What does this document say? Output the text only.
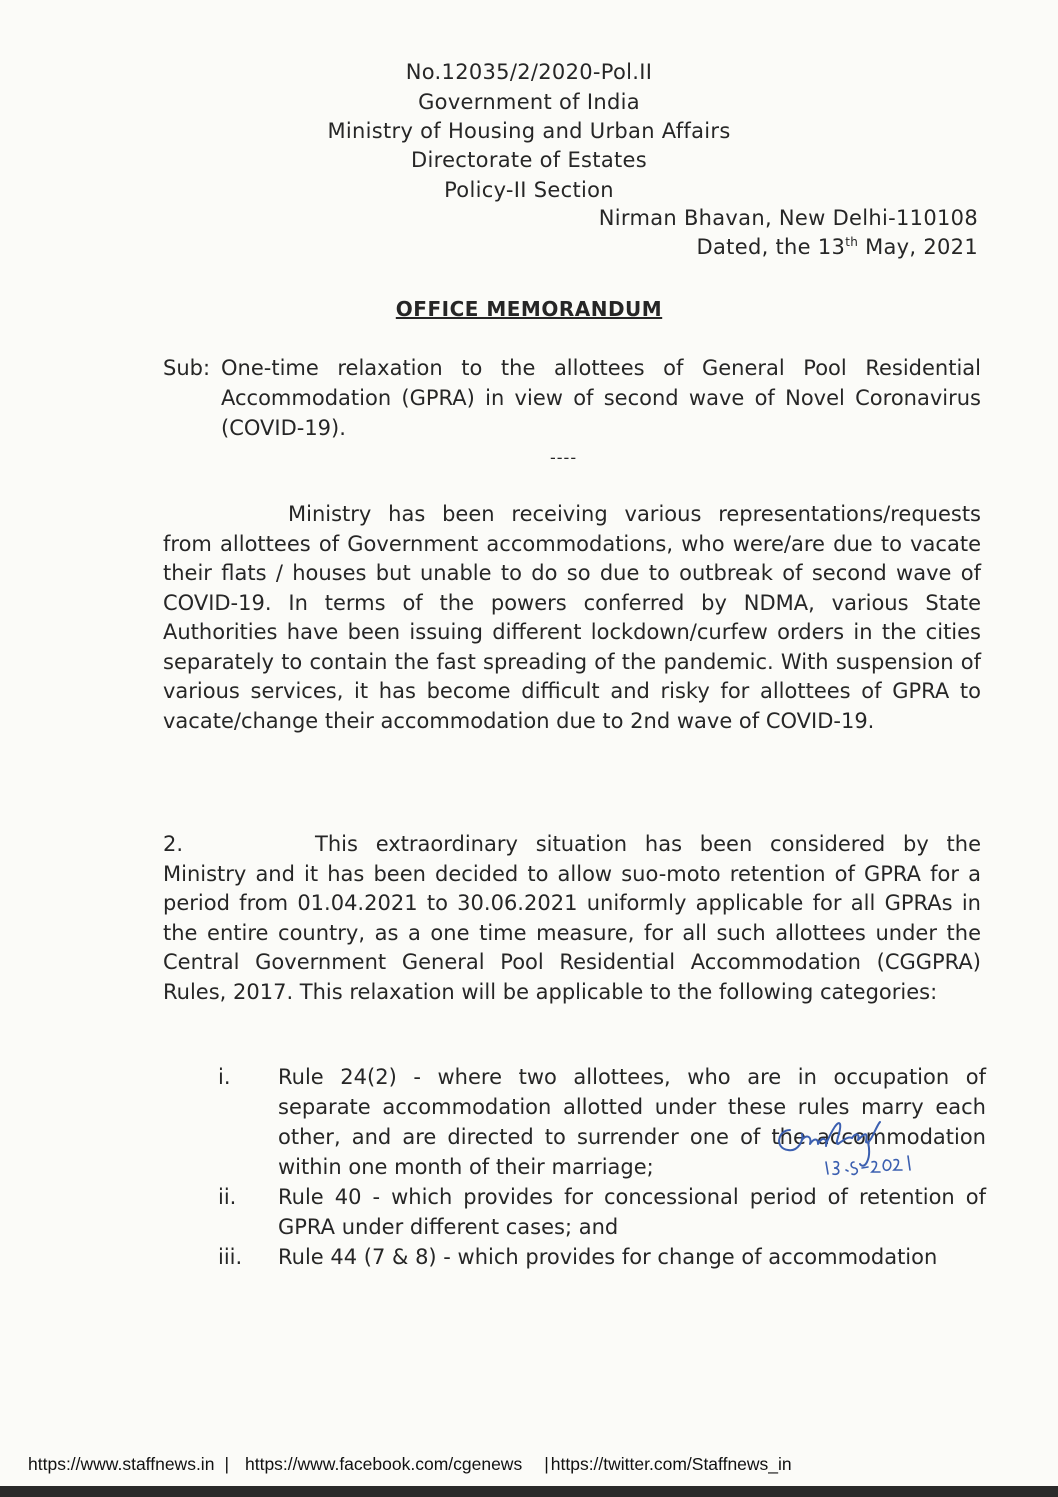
No.12035/2/2020-Pol.II
Government of India
Ministry of Housing and Urban Affairs
Directorate of Estates
Policy-II Section
Nirman Bhavan, New Delhi-110108
Dated, the 13th May, 2021
OFFICE MEMORANDUM
Sub: One-time relaxation to the allottees of General Pool Residential Accommodation (GPRA) in view of second wave of Novel Coronavirus (COVID-19).
----
Ministry has been receiving various representations/requests from allottees of Government accommodations, who were/are due to vacate their flats / houses but unable to do so due to outbreak of second wave of COVID-19. In terms of the powers conferred by NDMA, various State Authorities have been issuing different lockdown/curfew orders in the cities separately to contain the fast spreading of the pandemic. With suspension of various services, it has become difficult and risky for allottees of GPRA to vacate/change their accommodation due to 2nd wave of COVID-19.
2.	This extraordinary situation has been considered by the Ministry and it has been decided to allow suo-moto retention of GPRA for a period from 01.04.2021 to 30.06.2021 uniformly applicable for all GPRAs in the entire country, as a one time measure, for all such allottees under the Central Government General Pool Residential Accommodation (CGGPRA) Rules, 2017. This relaxation will be applicable to the following categories:
i. Rule 24(2) - where two allottees, who are in occupation of separate accommodation allotted under these rules marry each other, and are directed to surrender one of the accommodation within one month of their marriage;
ii. Rule 40 - which provides for concessional period of retention of GPRA under different cases; and
iii. Rule 44 (7 & 8) - which provides for change of accommodation
https://www.staffnews.in | https://www.facebook.com/cgenews | https://twitter.com/Staffnews_in
